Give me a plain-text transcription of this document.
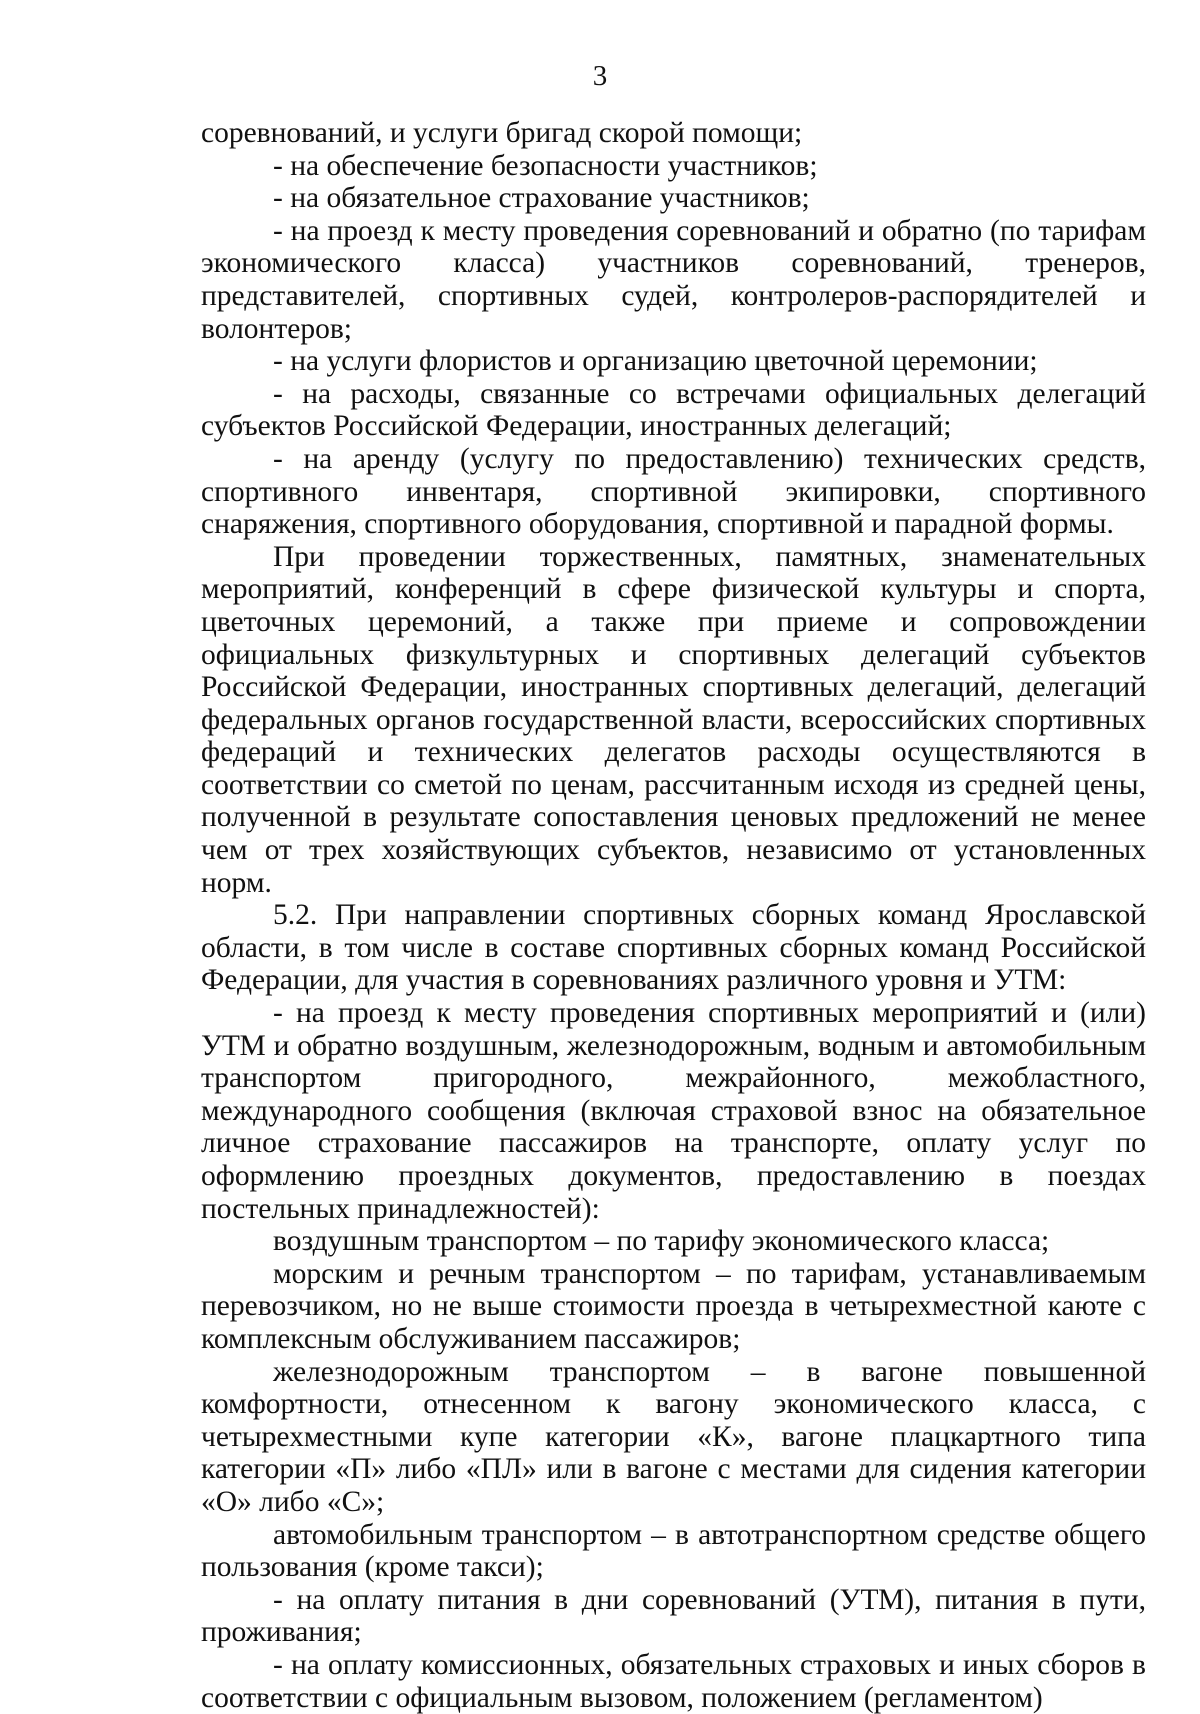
3

соревнований, и услуги бригад скорой помощи;

- на обеспечение безопасности участников;

- на обязательное страхование участников;

- на проезд к месту проведения соревнований и обратно (по тарифам экономического класса) участников соревнований, тренеров, представителей, спортивных судей, контролеров-распорядителей и волонтеров;

- на услуги флористов и организацию цветочной церемонии;

- на расходы, связанные со встречами официальных делегаций субъектов Российской Федерации, иностранных делегаций;

- на аренду (услугу по предоставлению) технических средств, спортивного инвентаря, спортивной экипировки, спортивного снаряжения, спортивного оборудования, спортивной и парадной формы.

При проведении торжественных, памятных, знаменательных мероприятий, конференций в сфере физической культуры и спорта, цветочных церемоний, а также при приеме и сопровождении официальных физкультурных и спортивных делегаций субъектов Российской Федерации, иностранных спортивных делегаций, делегаций федеральных органов государственной власти, всероссийских спортивных федераций и технических делегатов расходы осуществляются в соответствии со сметой по ценам, рассчитанным исходя из средней цены, полученной в результате сопоставления ценовых предложений не менее чем от трех хозяйствующих субъектов, независимо от установленных норм.

5.2. При направлении спортивных сборных команд Ярославской области, в том числе в составе спортивных сборных команд Российской Федерации, для участия в соревнованиях различного уровня и УТМ:

- на проезд к месту проведения спортивных мероприятий и (или) УТМ и обратно воздушным, железнодорожным, водным и автомобильным транспортом пригородного, межрайонного, межобластного, международного сообщения (включая страховой взнос на обязательное личное страхование пассажиров на транспорте, оплату услуг по оформлению проездных документов, предоставлению в поездах постельных принадлежностей):

воздушным транспортом – по тарифу экономического класса;

морским и речным транспортом – по тарифам, устанавливаемым перевозчиком, но не выше стоимости проезда в четырехместной каюте с комплексным обслуживанием пассажиров;

железнодорожным транспортом – в вагоне повышенной комфортности, отнесенном к вагону экономического класса, с четырехместными купе категории «К», вагоне плацкартного типа категории «П» либо «ПЛ» или в вагоне с местами для сидения категории «О» либо «С»;

автомобильным транспортом – в автотранспортном средстве общего пользования (кроме такси);

- на оплату питания в дни соревнований (УТМ), питания в пути, проживания;

- на оплату комиссионных, обязательных страховых и иных сборов в соответствии с официальным вызовом, положением (регламентом)
